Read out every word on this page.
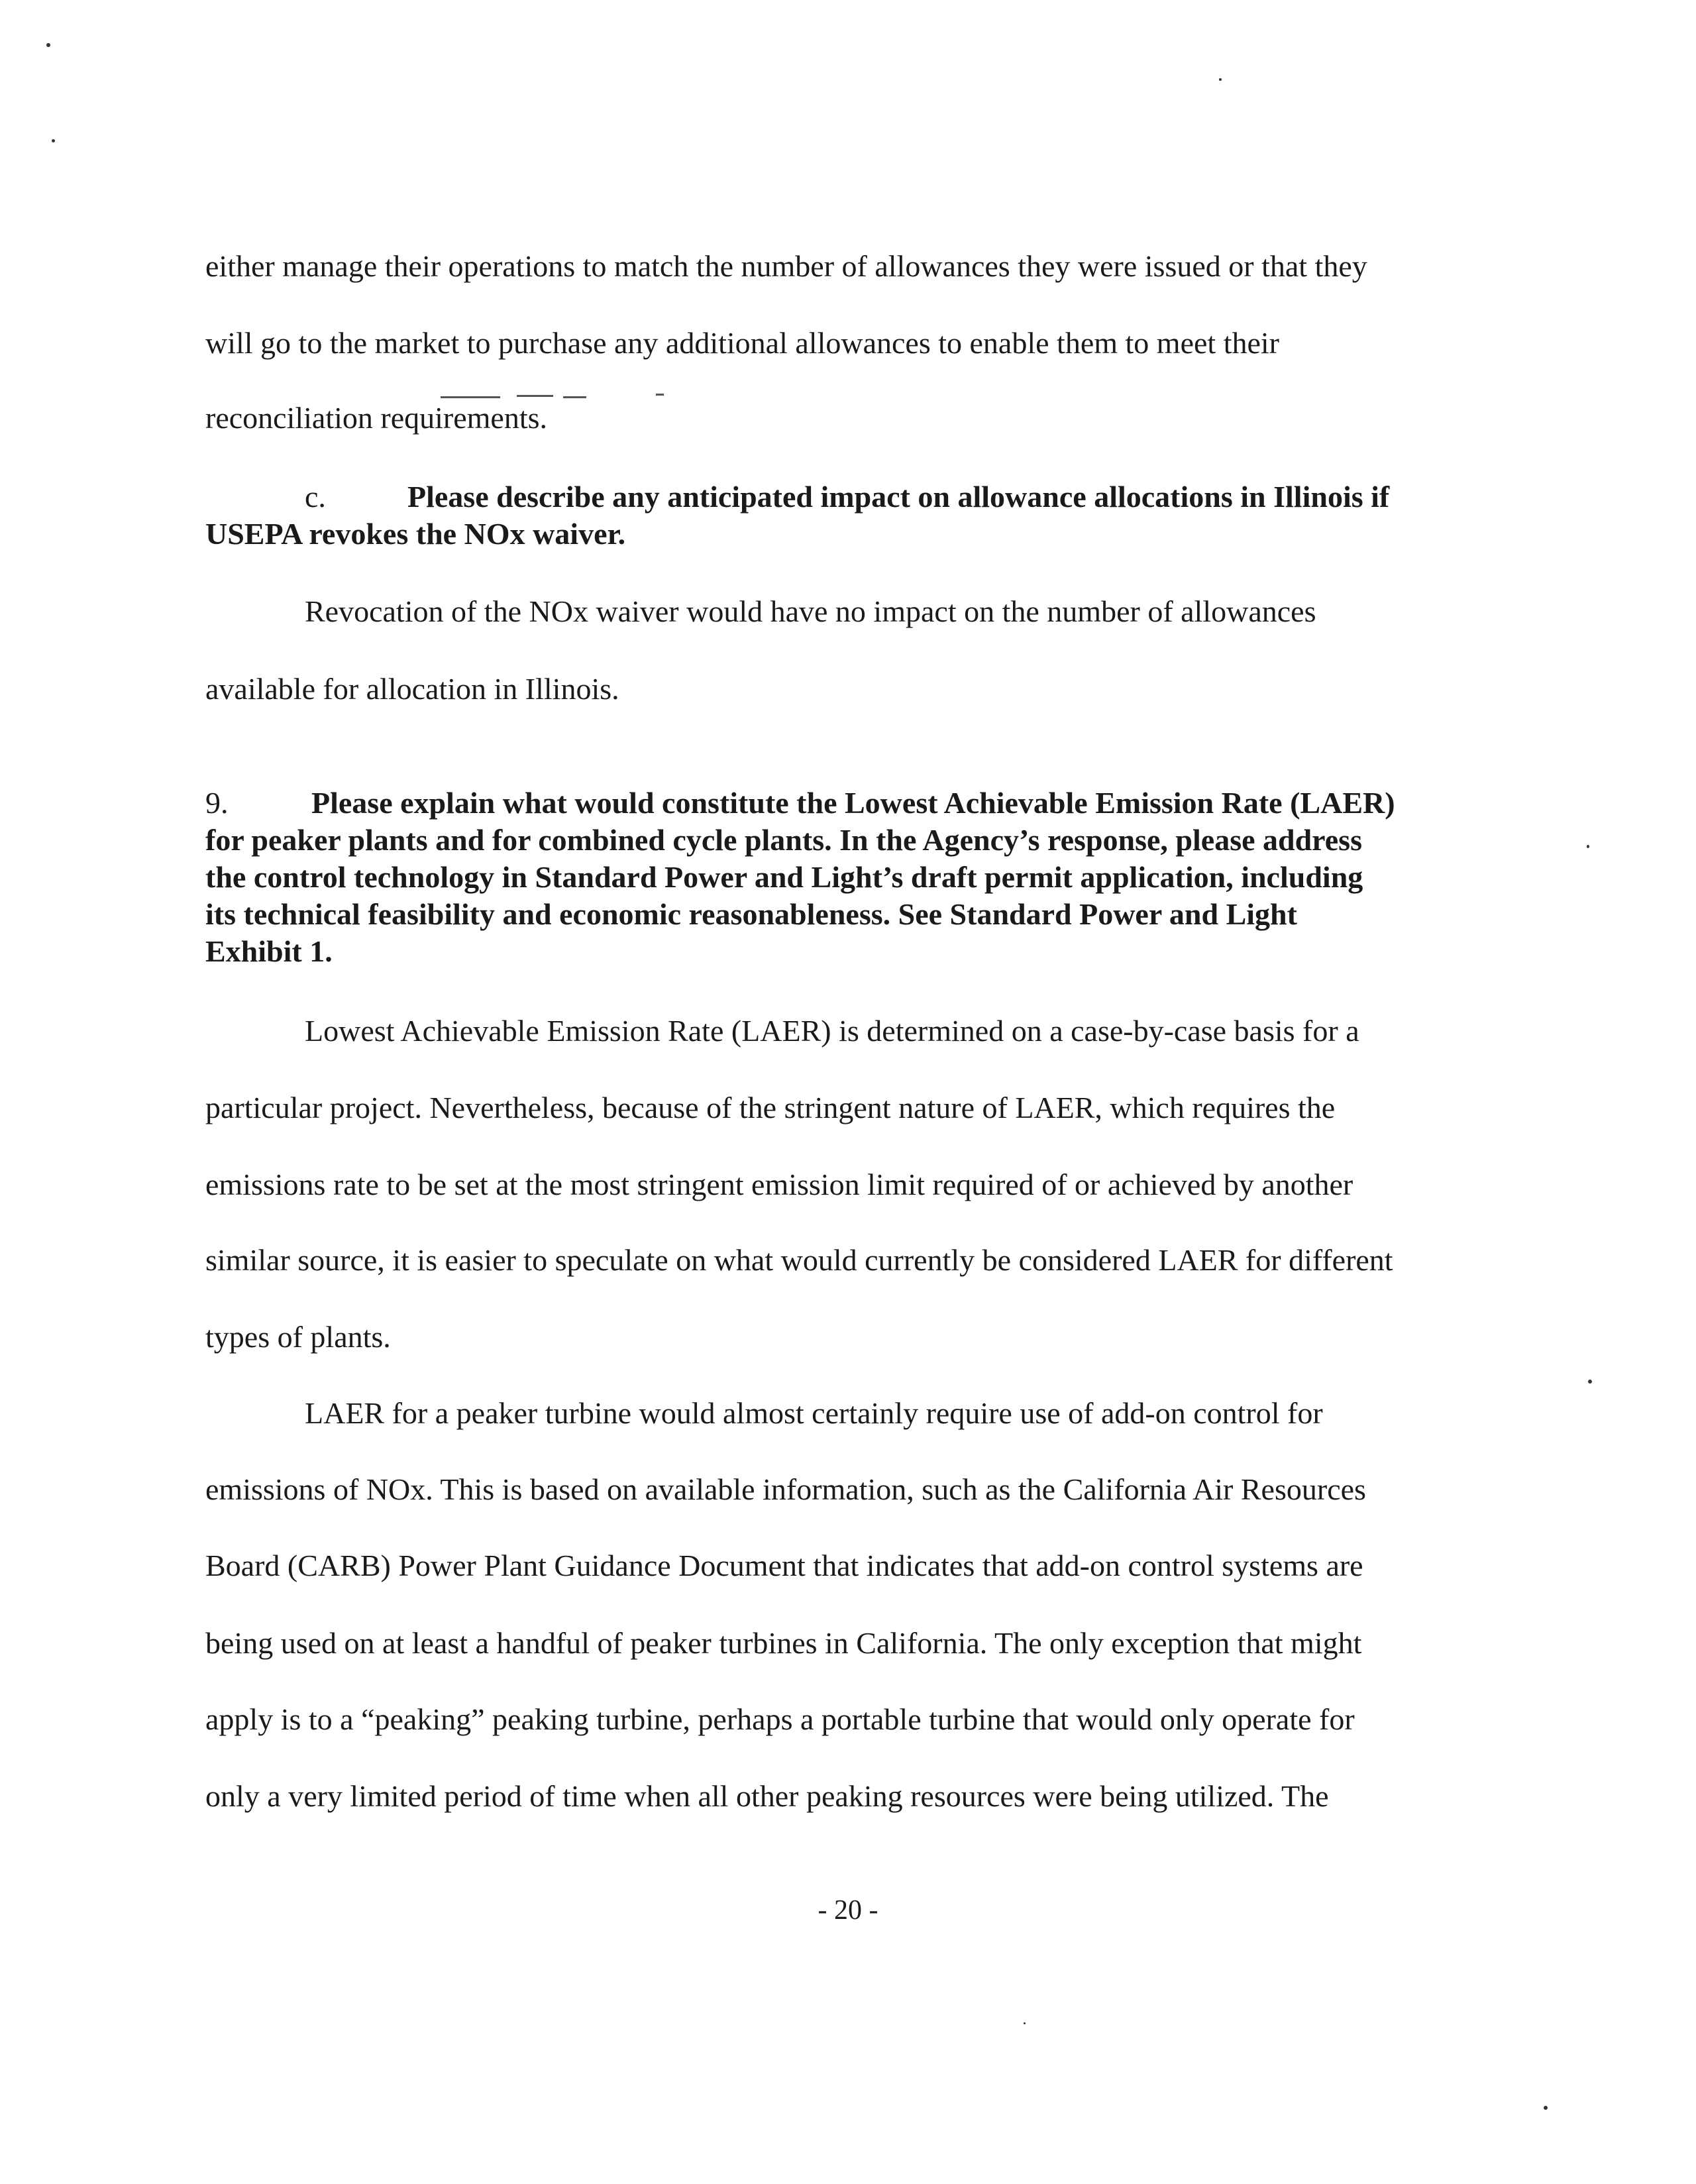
either manage their operations to match the number of allowances they were issued or that they
will go to the market to purchase any additional allowances to enable them to meet their
reconciliation requirements.
c.	Please describe any anticipated impact on allowance allocations in Illinois if
USEPA revokes the NOx waiver.
Revocation of the NOx waiver would have no impact on the number of allowances
available for allocation in Illinois.
9.	Please explain what would constitute the Lowest Achievable Emission Rate (LAER)
for peaker plants and for combined cycle plants. In the Agency’s response, please address
the control technology in Standard Power and Light’s draft permit application, including
its technical feasibility and economic reasonableness. See Standard Power and Light
Exhibit 1.
Lowest Achievable Emission Rate (LAER) is determined on a case-by-case basis for a
particular project. Nevertheless, because of the stringent nature of LAER, which requires the
emissions rate to be set at the most stringent emission limit required of or achieved by another
similar source, it is easier to speculate on what would currently be considered LAER for different
types of plants.
LAER for a peaker turbine would almost certainly require use of add-on control for
emissions of NOx. This is based on available information, such as the California Air Resources
Board (CARB) Power Plant Guidance Document that indicates that add-on control systems are
being used on at least a handful of peaker turbines in California. The only exception that might
apply is to a “peaking” peaking turbine, perhaps a portable turbine that would only operate for
only a very limited period of time when all other peaking resources were being utilized. The
- 20 -
